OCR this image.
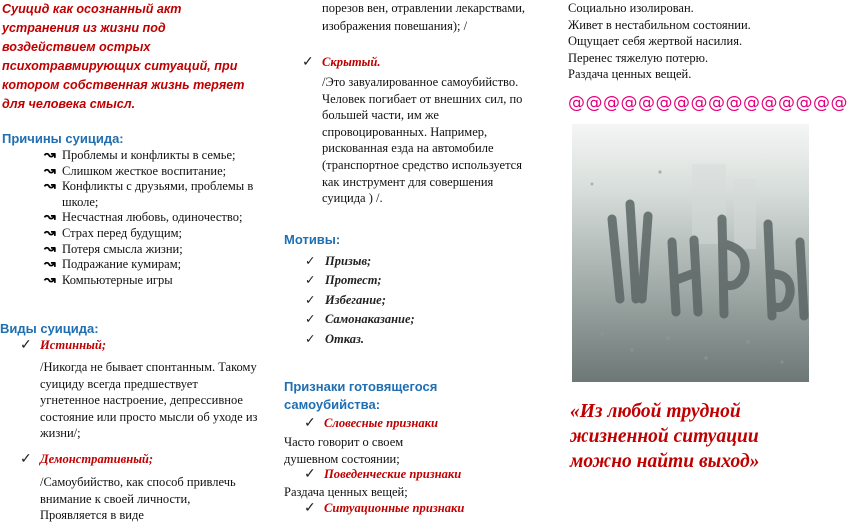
Суицид как осознанный акт устранения из жизни под воздействием острых психотравмирующих ситуаций, при котором собственная жизнь теряет для человека смысл.
Причины суицида:
↝ Проблемы и конфликты в семье;
↝ Слишком жесткое воспитание;
↝ Конфликты с друзьями, проблемы в школе;
↝ Несчастная любовь, одиночество;
↝ Страх перед будущим;
↝ Потеря смысла жизни;
↝ Подражание кумирам;
↝ Компьютерные игры
Виды суицида:
✓ Истинный;
/Никогда не бывает спонтанным. Такому суициду всегда предшествует угнетенное настроение, депрессивное состояние или просто мысли об уходе из жизни/;
✓ Демонстративный;
/Самоубийство, как способ привлечь внимание к своей личности, Проявляется в виде
порезов вен, отравлении лекарствами, изображения повешания); /
✓ Скрытый.
/Это завуалированное самоубийство. Человек погибает от внешних сил, по большей части, им же спровоцированных. Например, рискованная езда на автомобиле (транспортное средство используется как инструмент для совершения суицида ) /.
Мотивы:
✓ Призыв;
✓ Протест;
✓ Избегание;
✓ Самонаказание;
✓ Отказ.
Признаки готовящегося самоубийства:
✓ Словесные признаки
Часто говорит о своем
душевном состоянии;
✓ Поведенческие признаки
Раздача ценных вещей;
✓ Ситуационные признаки
Социально изолирован.
Живет в нестабильном состоянии.
Ощущает себя жертвой насилия.
Перенес тяжелую потерю.
Раздача ценных вещей.
@@@@@@@@@@@@@@@@
«Из любой трудной жизненной ситуации можно найти выход»
